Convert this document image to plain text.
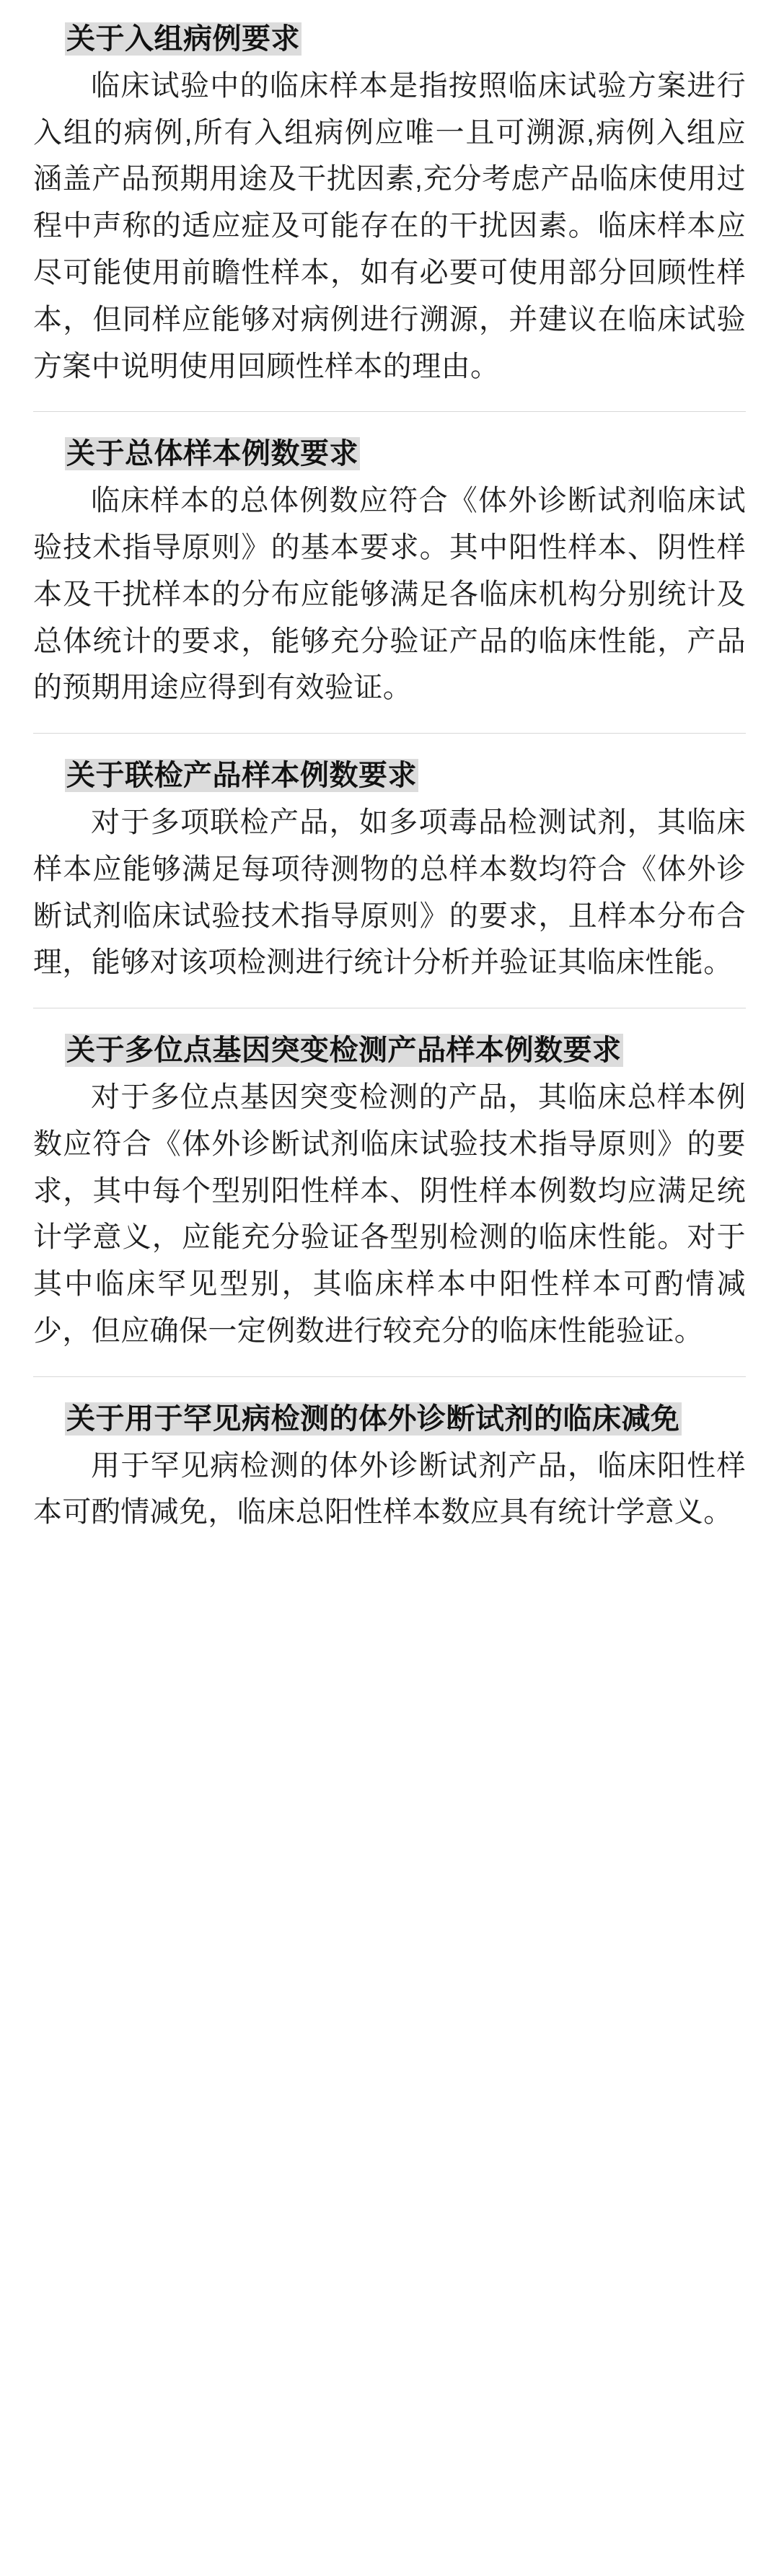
关于入组病例要求

临床试验中的临床样本是指按照临床试验方案进行入组的病例,所有入组病例应唯一且可溯源,病例入组应涵盖产品预期用途及干扰因素,充分考虑产品临床使用过程中声称的适应症及可能存在的干扰因素。临床样本应尽可能使用前瞻性样本，如有必要可使用部分回顾性样本，但同样应能够对病例进行溯源，并建议在临床试验方案中说明使用回顾性样本的理由。

关于总体样本例数要求

临床样本的总体例数应符合《体外诊断试剂临床试验技术指导原则》的基本要求。其中阳性样本、阴性样本及干扰样本的分布应能够满足各临床机构分别统计及总体统计的要求，能够充分验证产品的临床性能，产品的预期用途应得到有效验证。

关于联检产品样本例数要求

对于多项联检产品，如多项毒品检测试剂，其临床样本应能够满足每项待测物的总样本数均符合《体外诊断试剂临床试验技术指导原则》的要求，且样本分布合理，能够对该项检测进行统计分析并验证其临床性能。

关于多位点基因突变检测产品样本例数要求

对于多位点基因突变检测的产品，其临床总样本例数应符合《体外诊断试剂临床试验技术指导原则》的要求，其中每个型别阳性样本、阴性样本例数均应满足统计学意义，应能充分验证各型别检测的临床性能。对于其中临床罕见型别，其临床样本中阳性样本可酌情减少，但应确保一定例数进行较充分的临床性能验证。

关于用于罕见病检测的体外诊断试剂的临床减免

用于罕见病检测的体外诊断试剂产品，临床阳性样本可酌情减免，临床总阳性样本数应具有统计学意义。
